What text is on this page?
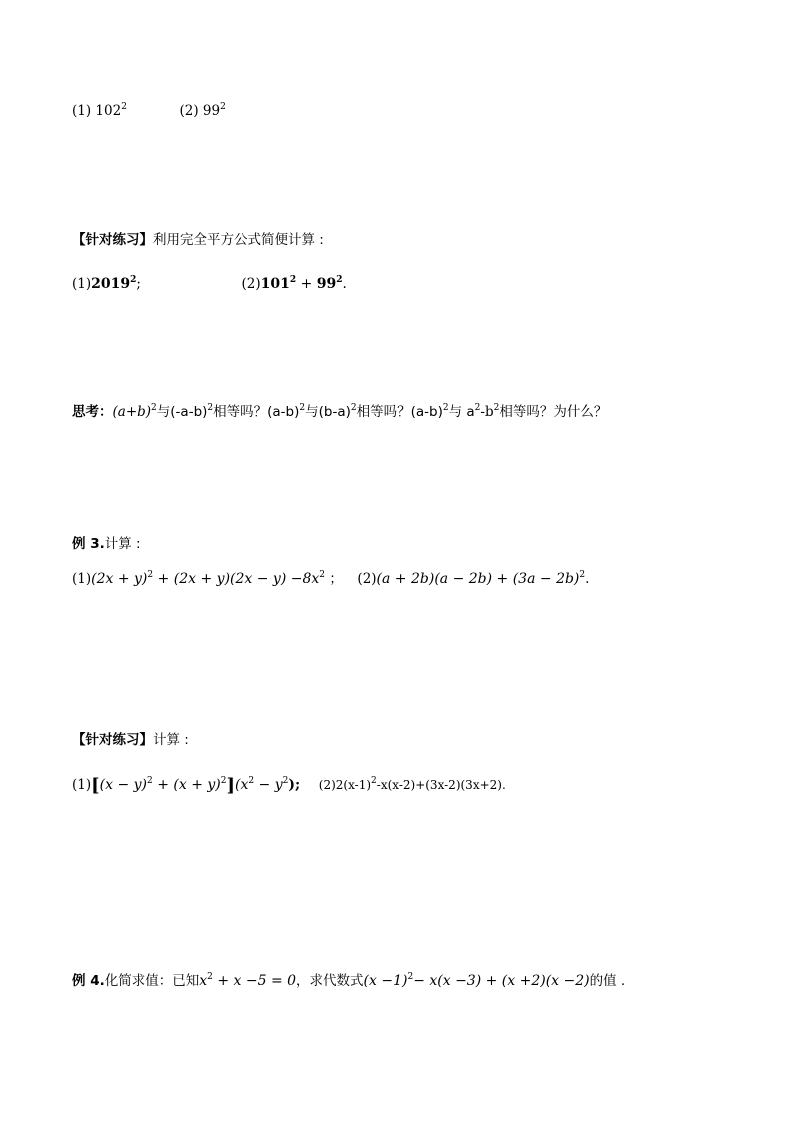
(1) $102^2$	(2) $99^2$
【针对练习】利用完全平方公式简便计算 :
(1)2019$^2$;	$(2)101^2 + 99^2$.
思考：$(a+b)^2$与$(-a-b)^2$相等吗？$(a-b)^2$与$(b-a)^2$相等吗？$(a-b)^2$与 $a^2-b^2$相等吗？为什么？
例 3.计算 :
$(1)(2x + y)^2 + (2x + y)(2x - y) -8x^2$ ； $(2)(a + 2b)(a - 2b) + (3a - 2b)^2$.
【针对练习】计算 :
$(1)[(x - y)^2 + (x + y)^2](x^2 - y^2)$; $(2)2(x-1)^2-x(x-2)+(3x-2)(3x+2)$.
例 4.化简求值：已知$x^2 + x -5 = 0$，求代数式$(x -1)^2- x(x -3) + (x +2)(x -2)$的值 .
